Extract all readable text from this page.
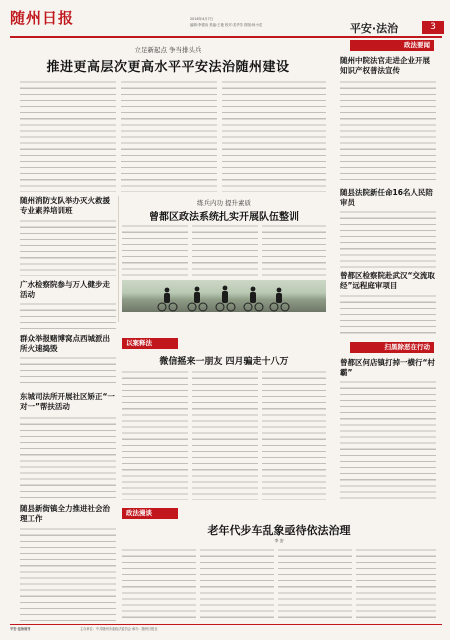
随州日报	2016年4月7日
编辑:李德治 美编:王艳 校对:龙华芳 排版:杨小花	平安·法治	3
立足新起点 争当排头兵
推进更高层次更高水平平安法治随州建设
随州消防支队举办灭火救援专业素养培训班
广水检察院参与万人健步走活动
群众举报赌博窝点西城派出所火速捣毁
东城司法所开展社区矫正“一对一”帮扶活动
随县新街镇全力推进社会治理工作
练兵内功 提升素质
曾都区政法系统扎实开展队伍整训
政法要闻
随州中院法官走进企业开展知识产权普法宣传
随县法院新任命16名人民陪审员
曾都区检察院赴武汉“交流取经”远程庭审项目
扫黑除恶在行动
曾都区何店镇打掉一横行“村霸”
以案释法
微信摇来一朋友 四月骗走十八万
政法漫谈
老年代步车乱象亟待依法治理
李 安
平安·法治周刊	主办单位：中共随州市委政法委员会 承办：随州日报社
